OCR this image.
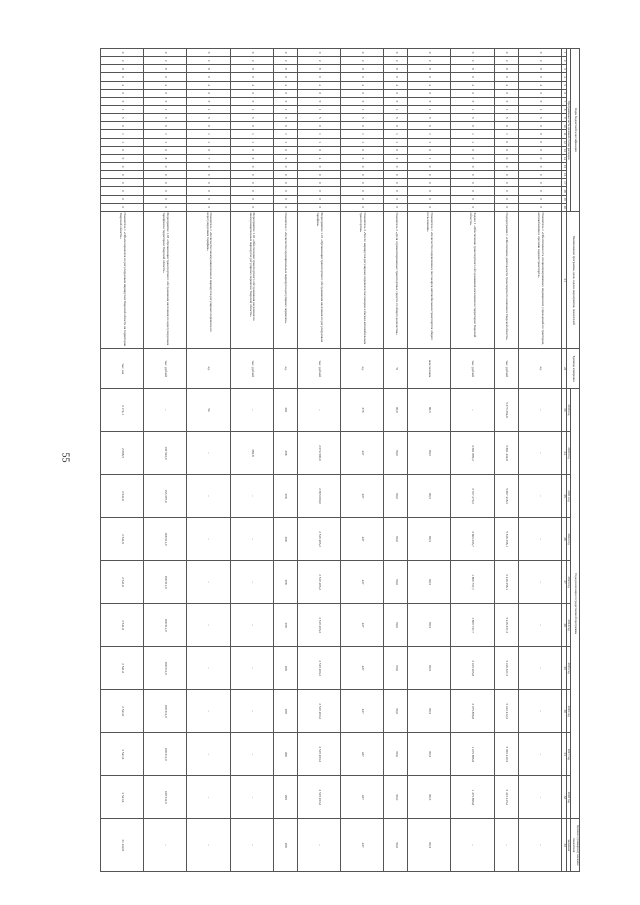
55
Коды бюджетной классификации																				Наименование программы, цели, задачи, мероприятия, показателей	Единица измерения	Годы реализации государственной программы										Целевое (суммарное) значение показателя
Программная часть целевой статьи расходов																						2019 год	2020 год	2021 год	2022 год	2023 год	2024 год	2025 год	2026 год	2027 год	2028 год	значение
1	2	3	4	5	6	7	8	9	10	11	12	13	14	15	16	17	18	19	20	21	22	23	24	25	26	27	28	29	30	31	32	33
0	2	8	0	4	0	9	1	5	0	0	0	0	0	0	0	0	0	0	0	Показатель 1 «Обеспеченность специализированных медицинских учреждений по тракторам, автомобилями и прочими видами транспорта»	ед.	–	–	–	–	–	–	–	–	–	–	–
0	2	8	0	4	0	9	1	5	0	1	0	0	0	0	0	0	0	0	0	Подпрограмма 1 «Обеспечение деятельности транспортного комплекса Тверской области»	тыс. рублей	5 373 354,8	5 661 434,8	5 667 418,3	5 616 256,1	5 416 256,1	5 416 327,3	5 416 327,3	5 412 412,2	5 392 419,5	5 412 415,2	–
0	2	8	0	4	0	9	1	5	0	1	1	0	0	0	0	0	0	0	0	Задача 1 «Обеспечение транспортного обслуживания населения на территории Тверской области»	тыс. рублей	–	3 381 899,2	3 707 279,2	3 663 333,7	1 899 737,7	1 899 737,7	3 415 205,8	3 375 896,8	1 475 896,8	1 475 896,8	–
0	2	8	0	4	0	9	1	5	0	1	1	0	1	0	0	0	0	0	0	Показатель 1 «Количество перевезенных пассажиров автомобильным транспортом общего пользования»	млн человек	80,5	80,5	80,5	80,5	80,5	80,5	80,5	80,5	80,5	80,5	80,5
0	2	8	0	4	0	9	1	5	0	1	1	0	2	0	0	0	0	0	0	Показатель 2 «Доля отремонтированных транспортных средств от общего количества»	%	90,0	90,0	90,0	90,0	90,0	90,0	90,0	90,0	90,0	90,0	90,0
0	2	8	0	4	0	9	1	5	0	1	1	0	3	0	0	0	0	0	0	Показатель 3 «Число маршрутов регулярных перевозок пассажиров и багажа автомобильным транспортом»	ед.	376	437	437	437	437	437	437	437	437	437	437
0	2	8	0	4	0	9	1	5	0	1	1	0	4	0	0	0	0	0	0	Мероприятие 1.01 «Организация транспортного обслуживания населения по регулируемым тарифам»	тыс. рублей	–	2 074 500,0	2 365 000,0	2 519 493,2	2 519 493,2	2 519 493,2	2 519 493,2	2 519 493,2	2 519 493,2	2 519 493,2	–
0	2	8	0	4	0	9	1	5	0	1	1	0	5	0	0	0	0	0	0	Показатель 1 «Количество муниципальных маршрутов регулярных перевозок»	ед.	281	298	298	298	298	298	298	298	298	298	298
0	2	8	0	4	0	9	1	5	0	1	1	0	6	0	0	0	0	0	0	Мероприятие 1.02 «Обеспечение транспортного обслуживания населения на межмуниципальных маршрутах регулярных перевозок Тверской области»	тыс. рублей	–	365,8	–	–	–	–	–	–	–	–	–
0	2	8	0	4	0	9	1	5	0	1	1	0	7	0	0	0	0	0	0	Показатель 1 «Количество межмуниципальных маршрутов регулярных перевозок по нерегулируемым тарифам»	ед.	54	–	–	–	–	–	–	–	–	–	–
0	2	8	0	4	0	9	1	5	0	1	1	0	8	0	0	0	0	0	0	Мероприятие 1.03 «Организация транспортного обслуживания населения по нерегулируемым тарифам на территории Тверской области»	тыс. рублей	–	139 522,9	153 397,0	168 511,9	168 511,9	168 511,9	168 511,9	168 511,9	168 511,9	168 511,9	–
0	2	8	0	4	0	9	1	5	0	1	1	0	9	0	0	0	0	0	0	Показатель 1 «Объем перевозок по регулируемым маршрутам Тверской области на территории Тверской области»	тыс. км	3 174,1	2 068,5	2 541,6	2 541,6	2 541,6	2 541,6	2 541,6	2 541,6	2 541,6	2 541,6	21 432,8
